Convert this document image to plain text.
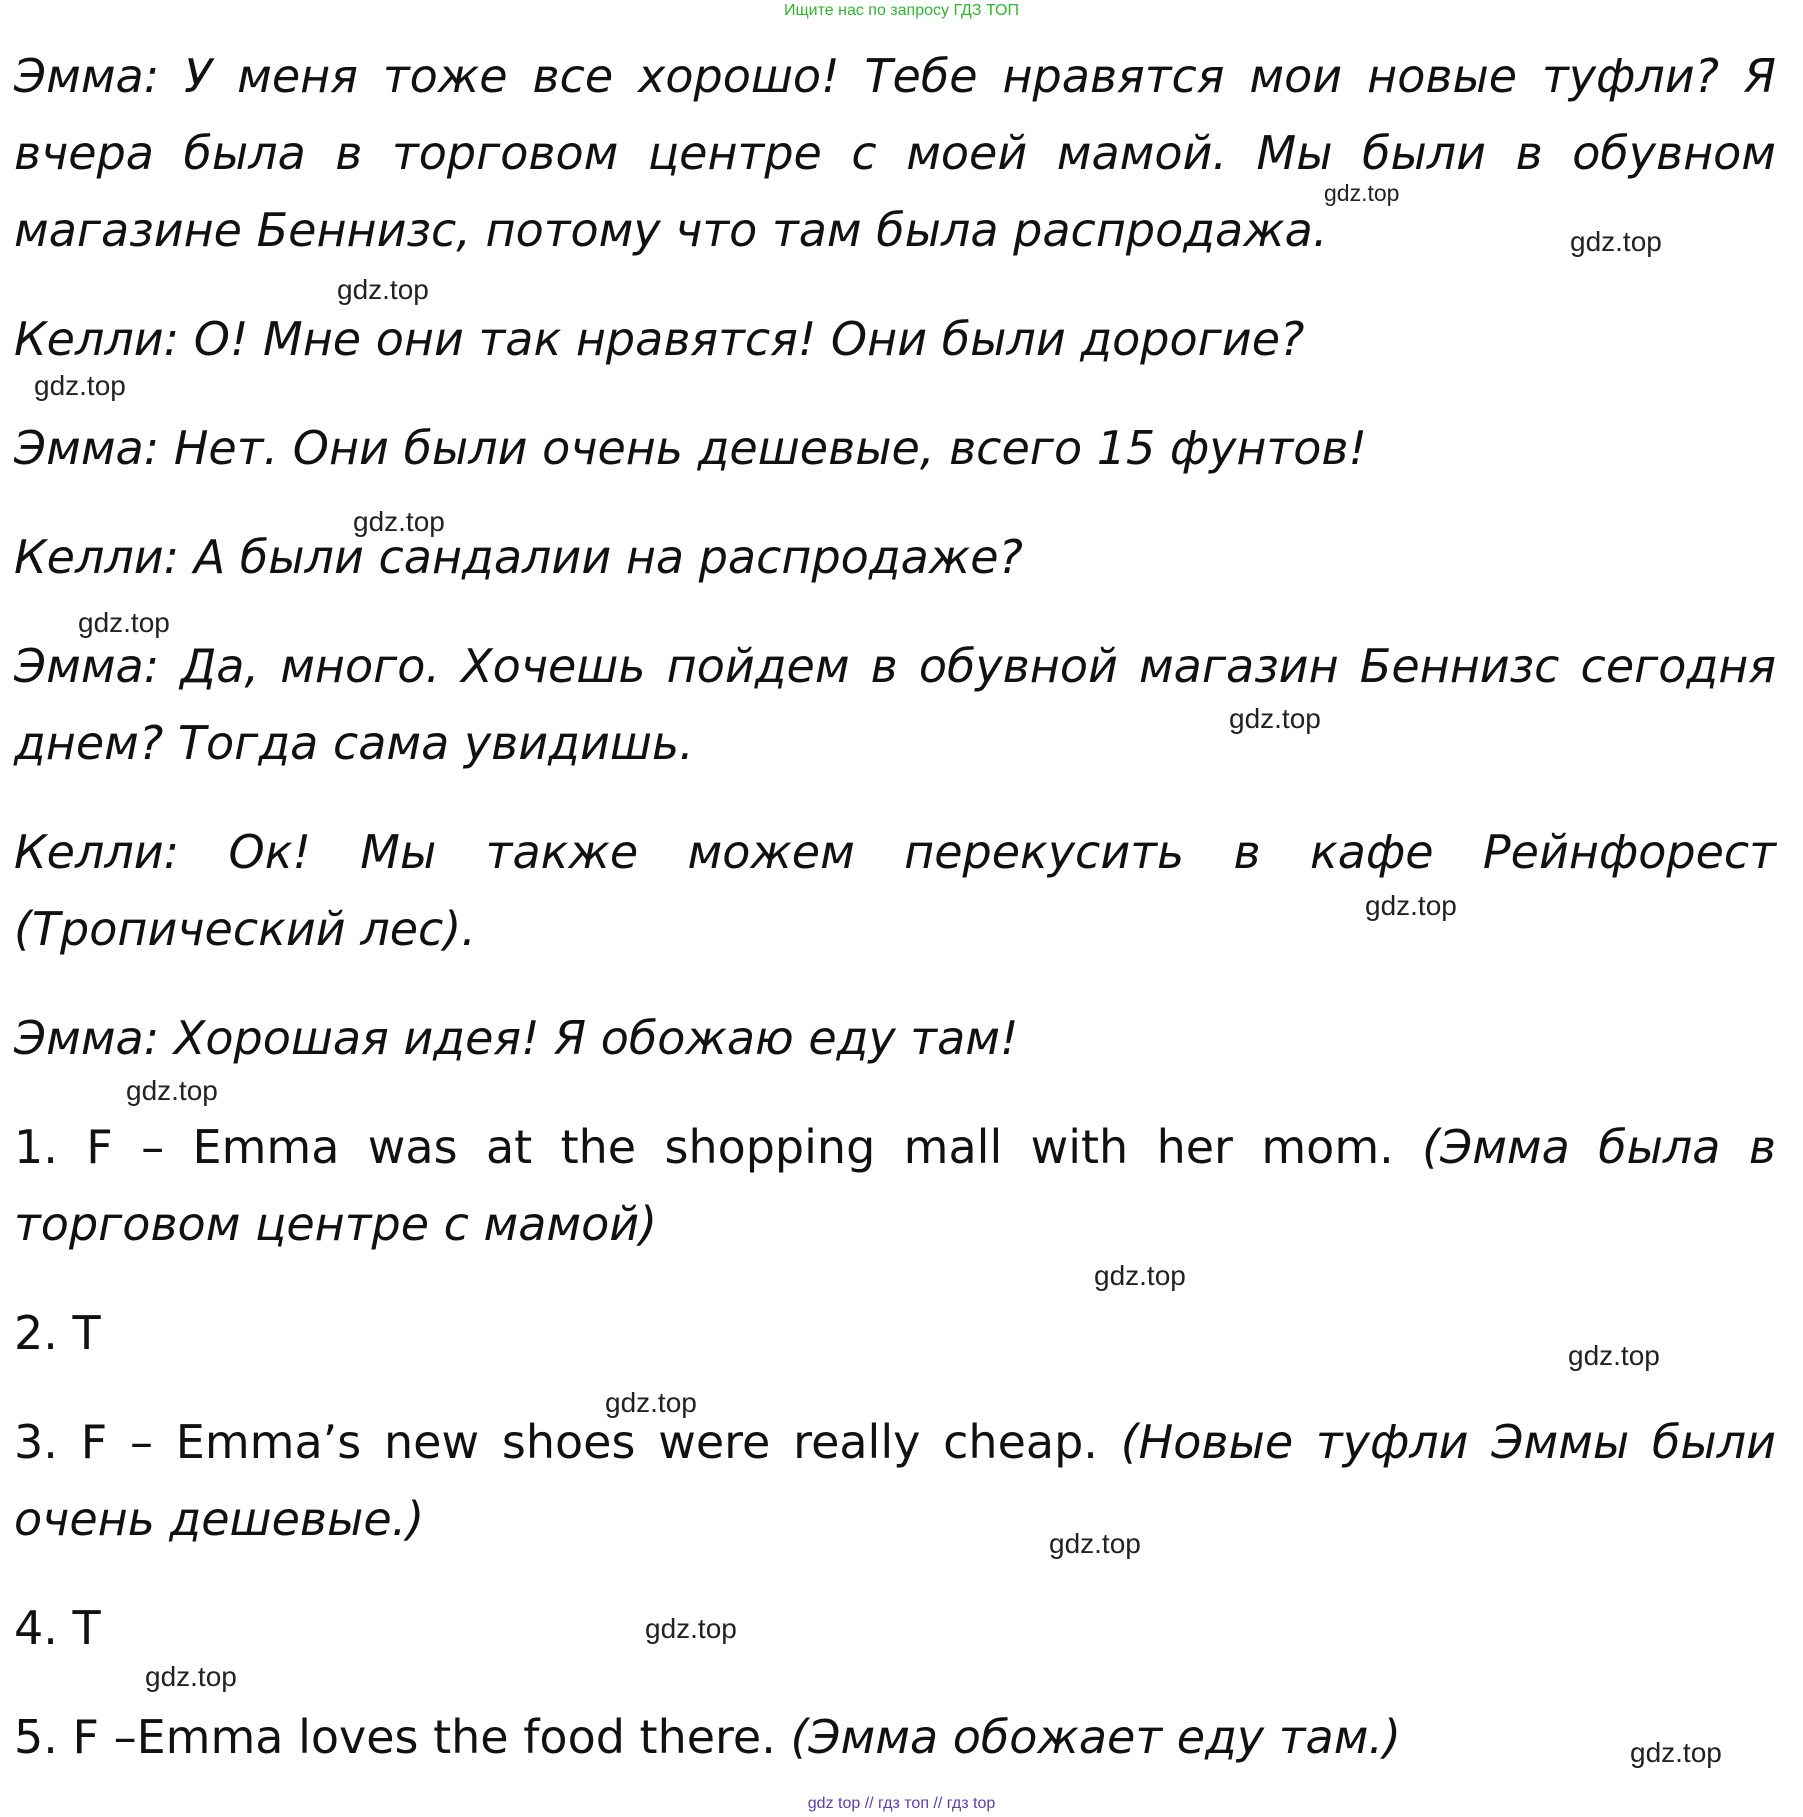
Ищите нас по запросу ГДЗ ТОП

Эмма: У меня тоже все хорошо! Тебе нравятся мои новые туфли? Я вчера была в торговом центре с моей мамой. Мы были в обувном магазине Беннизс, потому что там была распродажа.

Келли: О! Мне они так нравятся! Они были дорогие?

Эмма: Нет. Они были очень дешевые, всего 15 фунтов!

Келли: А были сандалии на распродаже?

Эмма: Да, много. Хочешь пойдем в обувной магазин Беннизс сегодня днем? Тогда сама увидишь.

Келли: Ок! Мы также можем перекусить в кафе Рейнфорест (Тропический лес).

Эмма: Хорошая идея! Я обожаю еду там!

1. F – Emma was at the shopping mall with her mom. (Эмма была в торговом центре с мамой)

2. T

3. F – Emma’s new shoes were really cheap. (Новые туфли Эммы были очень дешевые.)

4. T

5. F –Emma loves the food there. (Эмма обожает еду там.)

gdz.top
gdz.top
gdz.top
gdz.top
gdz.top
gdz.top
gdz.top
gdz.top
gdz.top
gdz.top
gdz.top
gdz.top
gdz.top
gdz.top
gdz.top
gdz.top
gdz top // гдз топ // гдз top
